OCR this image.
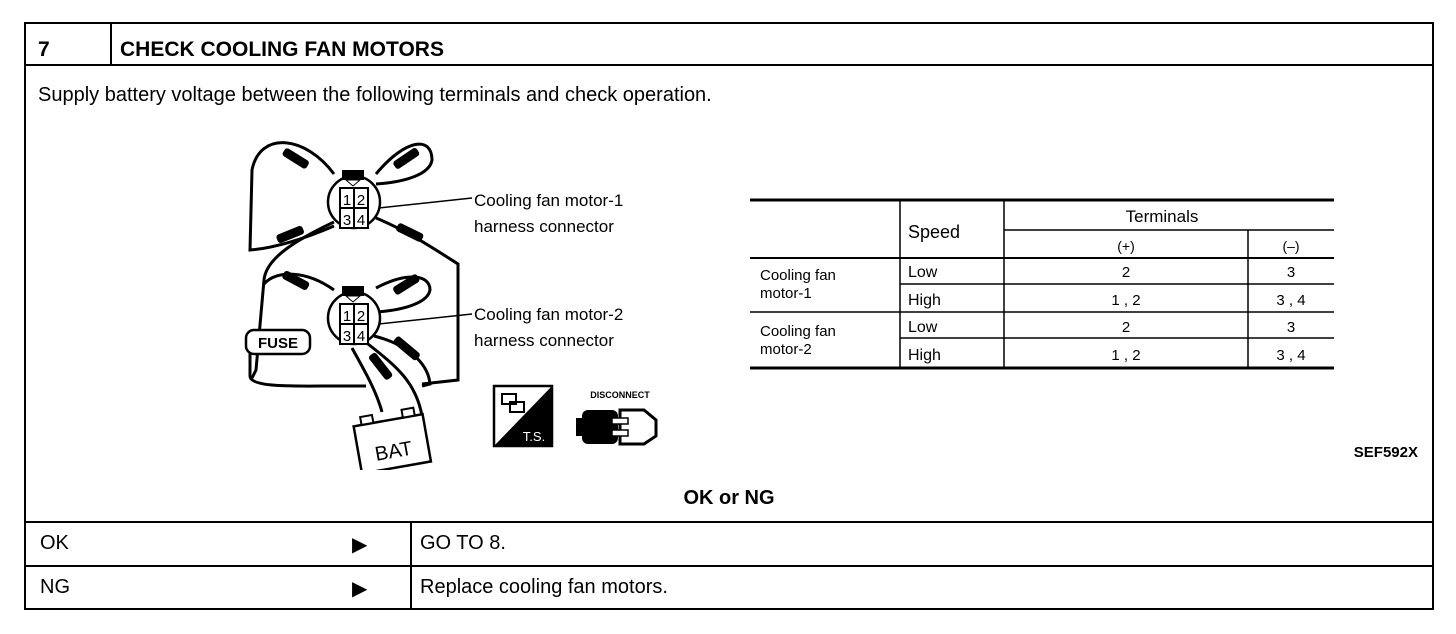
7	CHECK COOLING FAN MOTORS
Supply battery voltage between the following terminals and check operation.
1 2
3 4
Cooling fan motor-1
harness connector
1 2
3 4
Cooling fan motor-2
harness connector
FUSE
BAT
T.S.
DISCONNECT
Speed
Terminals
(+)	(–)
Cooling fan
motor-1
Low	2	3
High	1 , 2	3 , 4
Cooling fan
motor-2
Low	2	3
High	1 , 2	3 , 4
SEF592X
OK or NG
OK	▶	GO TO 8.
NG	▶	Replace cooling fan motors.
